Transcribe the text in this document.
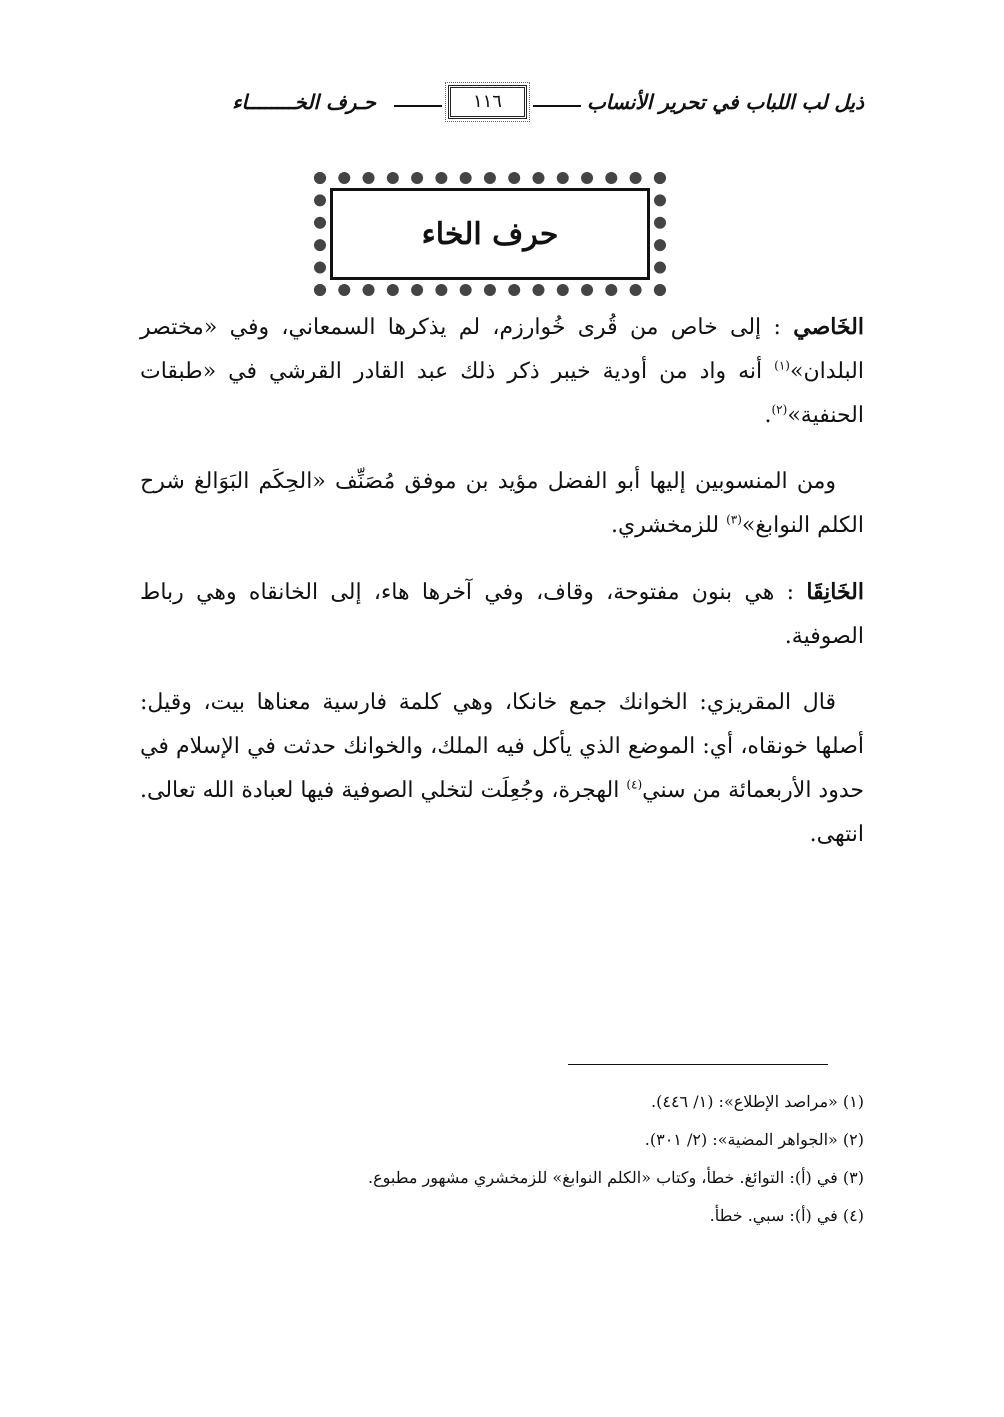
ذيل لب اللباب في تحرير الأنساب
١١٦
حـرف الخــــــــاء
حرف الخاء

الخَاصي : إلى خاص من قُرى خُوارزم، لم يذكرها السمعاني، وفي «مختصر البلدان»$^{(١)}$ أنه واد من أودية خيبر ذكر ذلك عبد القادر القرشي في «طبقات الحنفية»$^{(٢)}$.

ومن المنسوبين إليها أبو الفضل مؤيد بن موفق مُصَنِّف «الحِكَم البَوَالغ شرح الكلم النوابغ»$^{(٣)}$ للزمخشري.

الخَانِقَا : هي بنون مفتوحة، وقاف، وفي آخرها هاء، إلى الخانقاه وهي رباط الصوفية.

قال المقريزي: الخوانك جمع خانكا، وهي كلمة فارسية معناها بيت، وقيل: أصلها خونقاه، أي: الموضع الذي يأكل فيه الملك، والخوانك حدثت في الإسلام في حدود الأربعمائة من سني$^{(٤)}$ الهجرة، وجُعِلَت لتخلي الصوفية فيها لعبادة الله تعالى. انتهى.

(١) «مراصد الإطلاع»: (١/ ٤٤٦).
(٢) «الجواهر المضية»: (٢/ ٣٠١).
(٣) في (أ): التوائغ. خطأ، وكتاب «الكلم النوابغ» للزمخشري مشهور مطبوع.
(٤) في (أ): سبي. خطأ.
